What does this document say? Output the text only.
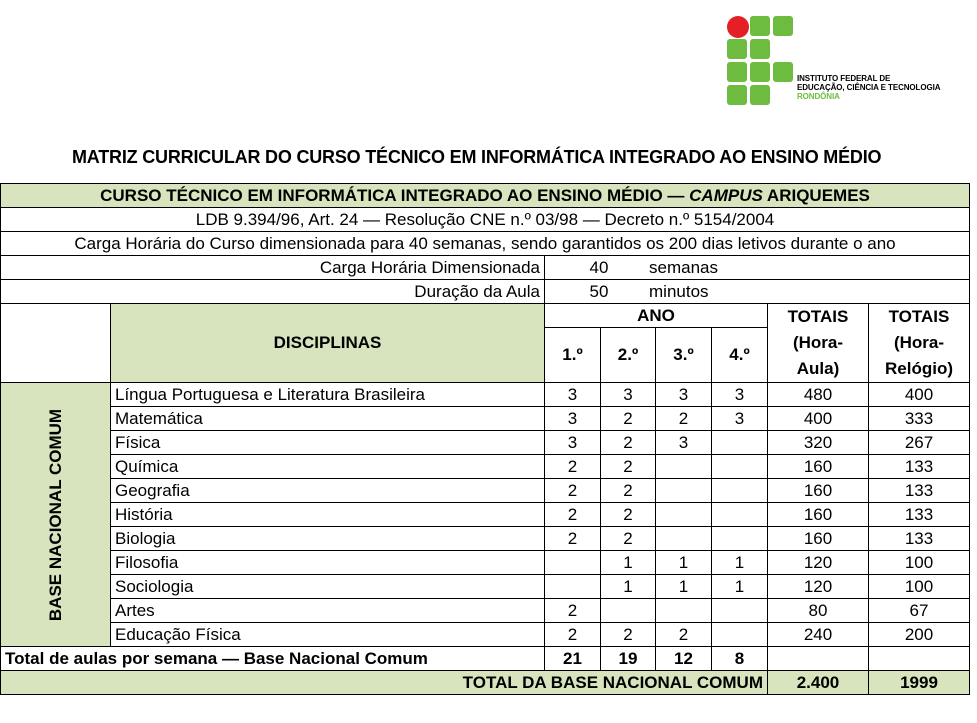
INSTITUTO FEDERAL DE
EDUCAÇÃO, CIÊNCIA E TECNOLOGIA
RONDÔNIA
MATRIZ CURRICULAR DO CURSO TÉCNICO EM INFORMÁTICA INTEGRADO AO ENSINO MÉDIO
CURSO TÉCNICO EM INFORMÁTICA INTEGRADO AO ENSINO MÉDIO — CAMPUS ARIQUEMES							
LDB 9.394/96, Art. 24 — Resolução CNE n.º 03/98 — Decreto n.º 5154/2004							
Carga Horária do Curso dimensionada para 40 semanas, sendo garantidos os 200 dias letivos durante o ano							
Carga Horária Dimensionada		40 semanas					
Duração da Aula		50 minutos					
	DISCIPLINAS	ANO				TOTAIS (Hora-Aula)	TOTAIS (Hora-Relógio)
		1.º	2.º	3.º	4.º		

BASE NACIONAL COMUM	Língua Portuguesa e Literatura Brasileira	3	3	3	3	480	400
	Matemática	3	2	2	3	400	333
	Física	3	2	3		320	267
	Química	2	2			160	133
	Geografia	2	2			160	133
	História	2	2			160	133
	Biologia	2	2			160	133
	Filosofia		1	1	1	120	100
	Sociologia		1	1	1	120	100
	Artes	2				80	67
	Educação Física	2	2	2		240	200
Total de aulas por semana — Base Nacional Comum		21	19	12	8		
TOTAL DA BASE NACIONAL COMUM						2.400	1999
